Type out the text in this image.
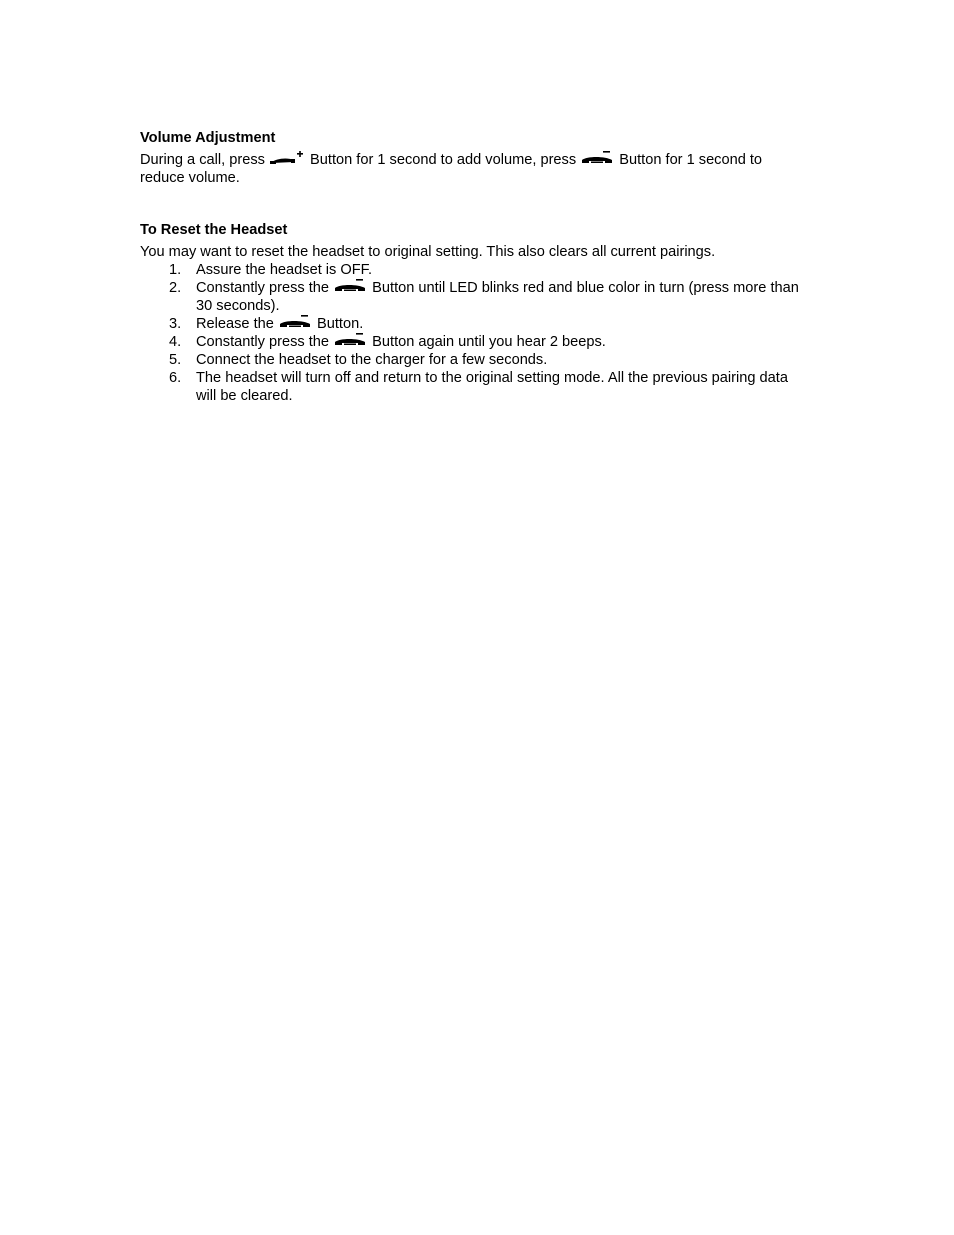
Volume Adjustment
During a call, press	Button for 1 second to add volume, press	Button for 1 second to reduce volume.
To Reset the Headset
You may want to reset the headset to original setting. This also clears all current pairings.
1. Assure the headset is OFF.
2. Constantly press the	Button until LED blinks red and blue color in turn (press more than 30 seconds).
3. Release the	Button.
4. Constantly press the	Button again until you hear 2 beeps.
5. Connect the headset to the charger for a few seconds.
6. The headset will turn off and return to the original setting mode. All the previous pairing data will be cleared.
